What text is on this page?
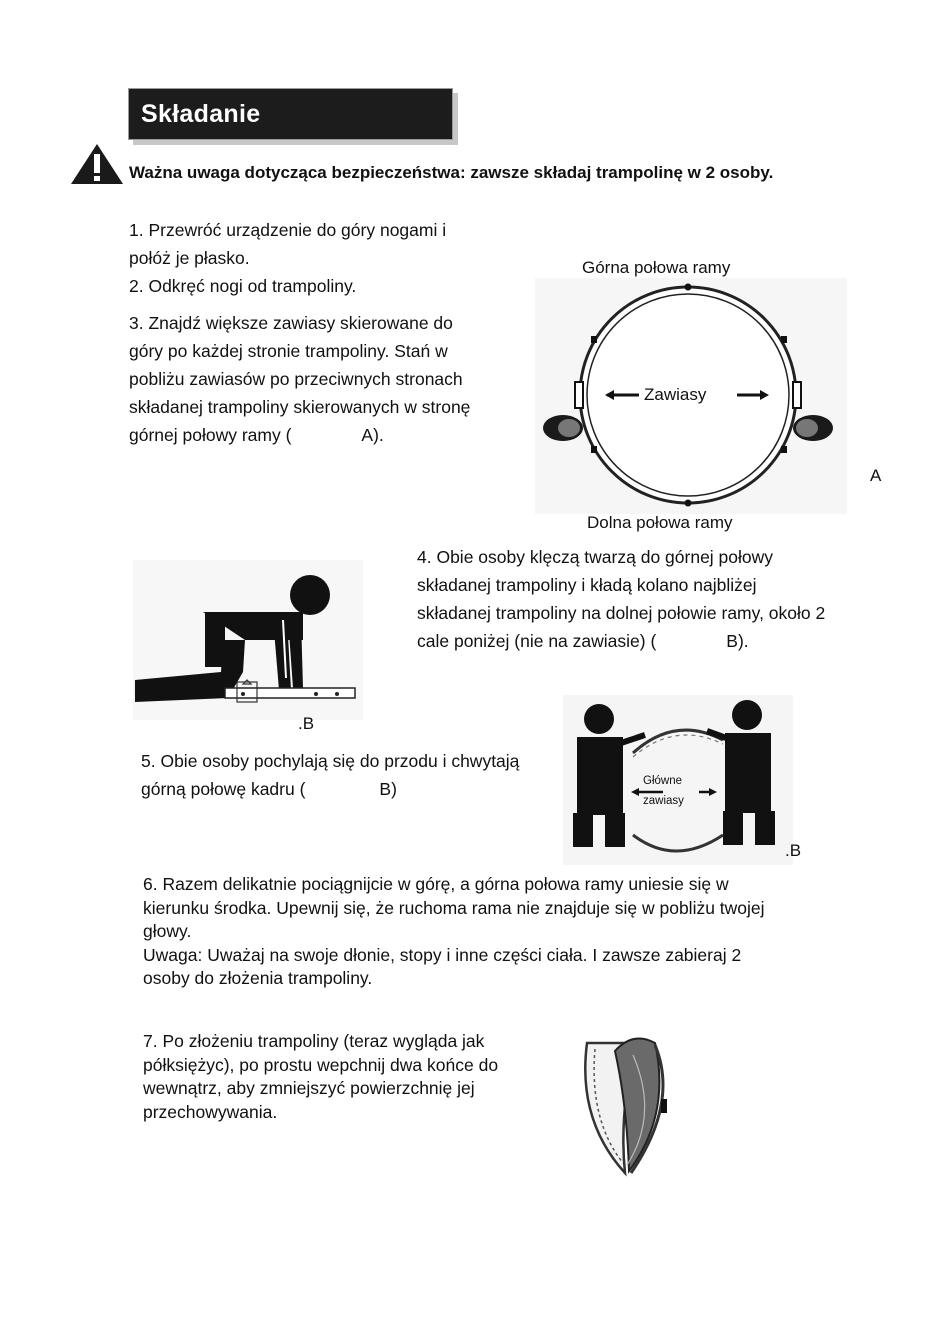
Składanie
Ważna uwaga dotycząca bezpieczeństwa: zawsze składaj trampolinę w 2 osoby.
1. Przewróć urządzenie do góry nogami i
połóż je płasko.
2. Odkręć nogi od trampoliny.
3. Znajdź większe zawiasy skierowane do
góry po każdej stronie trampoliny. Stań w
pobliżu zawiasów po przeciwnych stronach
składanej trampoliny skierowanych w stronę
górnej połowy ramy (	A).
Górna połowa ramy
Zawiasy
A
Dolna połowa ramy
.B
4. Obie osoby klęczą twarzą do górnej połowy
składanej trampoliny i kładą kolano najbliżej
składanej trampoliny na dolnej połowie ramy, około 2
cale poniżej (nie na zawiasie) (	B).
5. Obie osoby pochylają się do przodu i chwytają
górną połowę kadru (	B)	Główne
zawiasy
.B
6. Razem delikatnie pociągnijcie w górę, a górna połowa ramy uniesie się w
kierunku środka. Upewnij się, że ruchoma rama nie znajduje się w pobliżu twojej
głowy.
Uwaga: Uważaj na swoje dłonie, stopy i inne części ciała. I zawsze zabieraj 2
osoby do złożenia trampoliny.
7. Po złożeniu trampoliny (teraz wygląda jak
półksiężyc), po prostu wepchnij dwa końce do
wewnątrz, aby zmniejszyć powierzchnię jej
przechowywania.
